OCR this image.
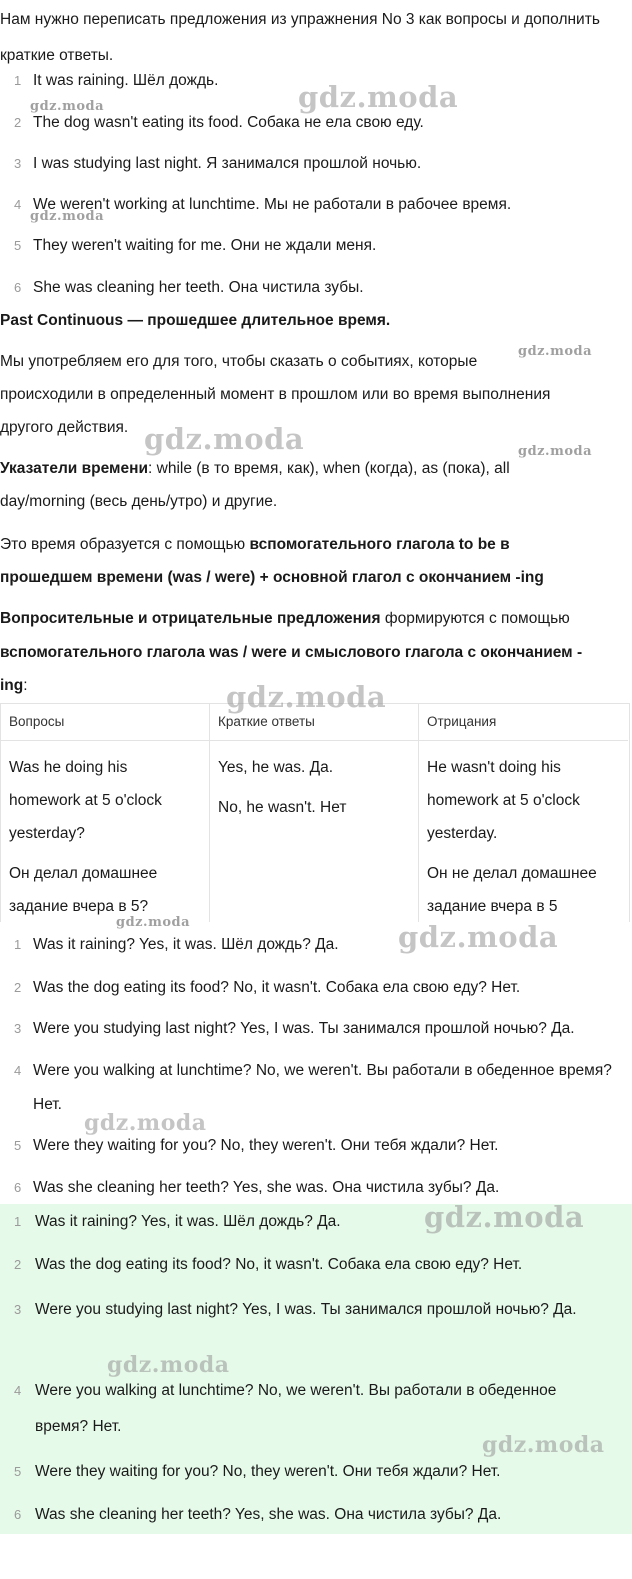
Нам нужно переписать предложения из упражнения No 3 как вопросы и дополнить краткие ответы.
1 It was raining. Шёл дождь.
2 The dog wasn't eating its food. Собака не ела свою еду.
3 I was studying last night. Я занимался прошлой ночью.
4 We weren't working at lunchtime. Мы не работали в рабочее время.
5 They weren't waiting for me. Они не ждали меня.
6 She was cleaning her teeth. Она чистила зубы.
Past Continuous — прошедшее длительное время.
Мы употребляем его для того, чтобы сказать о событиях, которые
происходили в определенный момент в прошлом или во время выполнения
другого действия.
Указатели времени: while (в то время, как), when (когда), as (пока), all
day/morning (весь день/утро) и другие.
Это время образуется с помощью вспомогательного глагола to be в
прошедшем времени (was / were) + основной глагол с окончанием -ing
Вопросительные и отрицательные предложения формируются с помощью
вспомогательного глагола was / were и смыслового глагола с окончанием -
ing:
Вопросы
Was he doing his
homework at 5 o'clock
yesterday?
Он делал домашнее
задание вчера в 5?
Краткие ответы
Yes, he was. Да.
No, he wasn't. Нет
Отрицания
He wasn't doing his
homework at 5 o'clock
yesterday.
Он не делал домашнее
задание вчера в 5
1 Was it raining? Yes, it was. Шёл дождь? Да.
2 Was the dog eating its food? No, it wasn't. Собака ела свою еду? Нет.
3 Were you studying last night? Yes, I was. Ты занимался прошлой ночью? Да.
4 Were you walking at lunchtime? No, we weren't. Вы работали в обеденное время? Нет.
5 Were they waiting for you? No, they weren't. Они тебя ждали? Нет.
6 Was she cleaning her teeth? Yes, she was. Она чистила зубы? Да.
1 Was it raining? Yes, it was. Шёл дождь? Да.
2 Was the dog eating its food? No, it wasn't. Собака ела свою еду? Нет.
3 Were you studying last night? Yes, I was. Ты занимался прошлой ночью? Да.
4 Were you walking at lunchtime? No, we weren't. Вы работали в обеденное время? Нет.
5 Were they waiting for you? No, they weren't. Они тебя ждали? Нет.
6 Was she cleaning her teeth? Yes, she was. Она чистила зубы? Да.
gdz.moda
gdz.moda
gdz.moda
gdz.moda
gdz.moda	gdz.moda
gdz.moda
gdz.moda	gdz.moda
gdz.moda
gdz.moda
gdz.moda
gdz.moda
